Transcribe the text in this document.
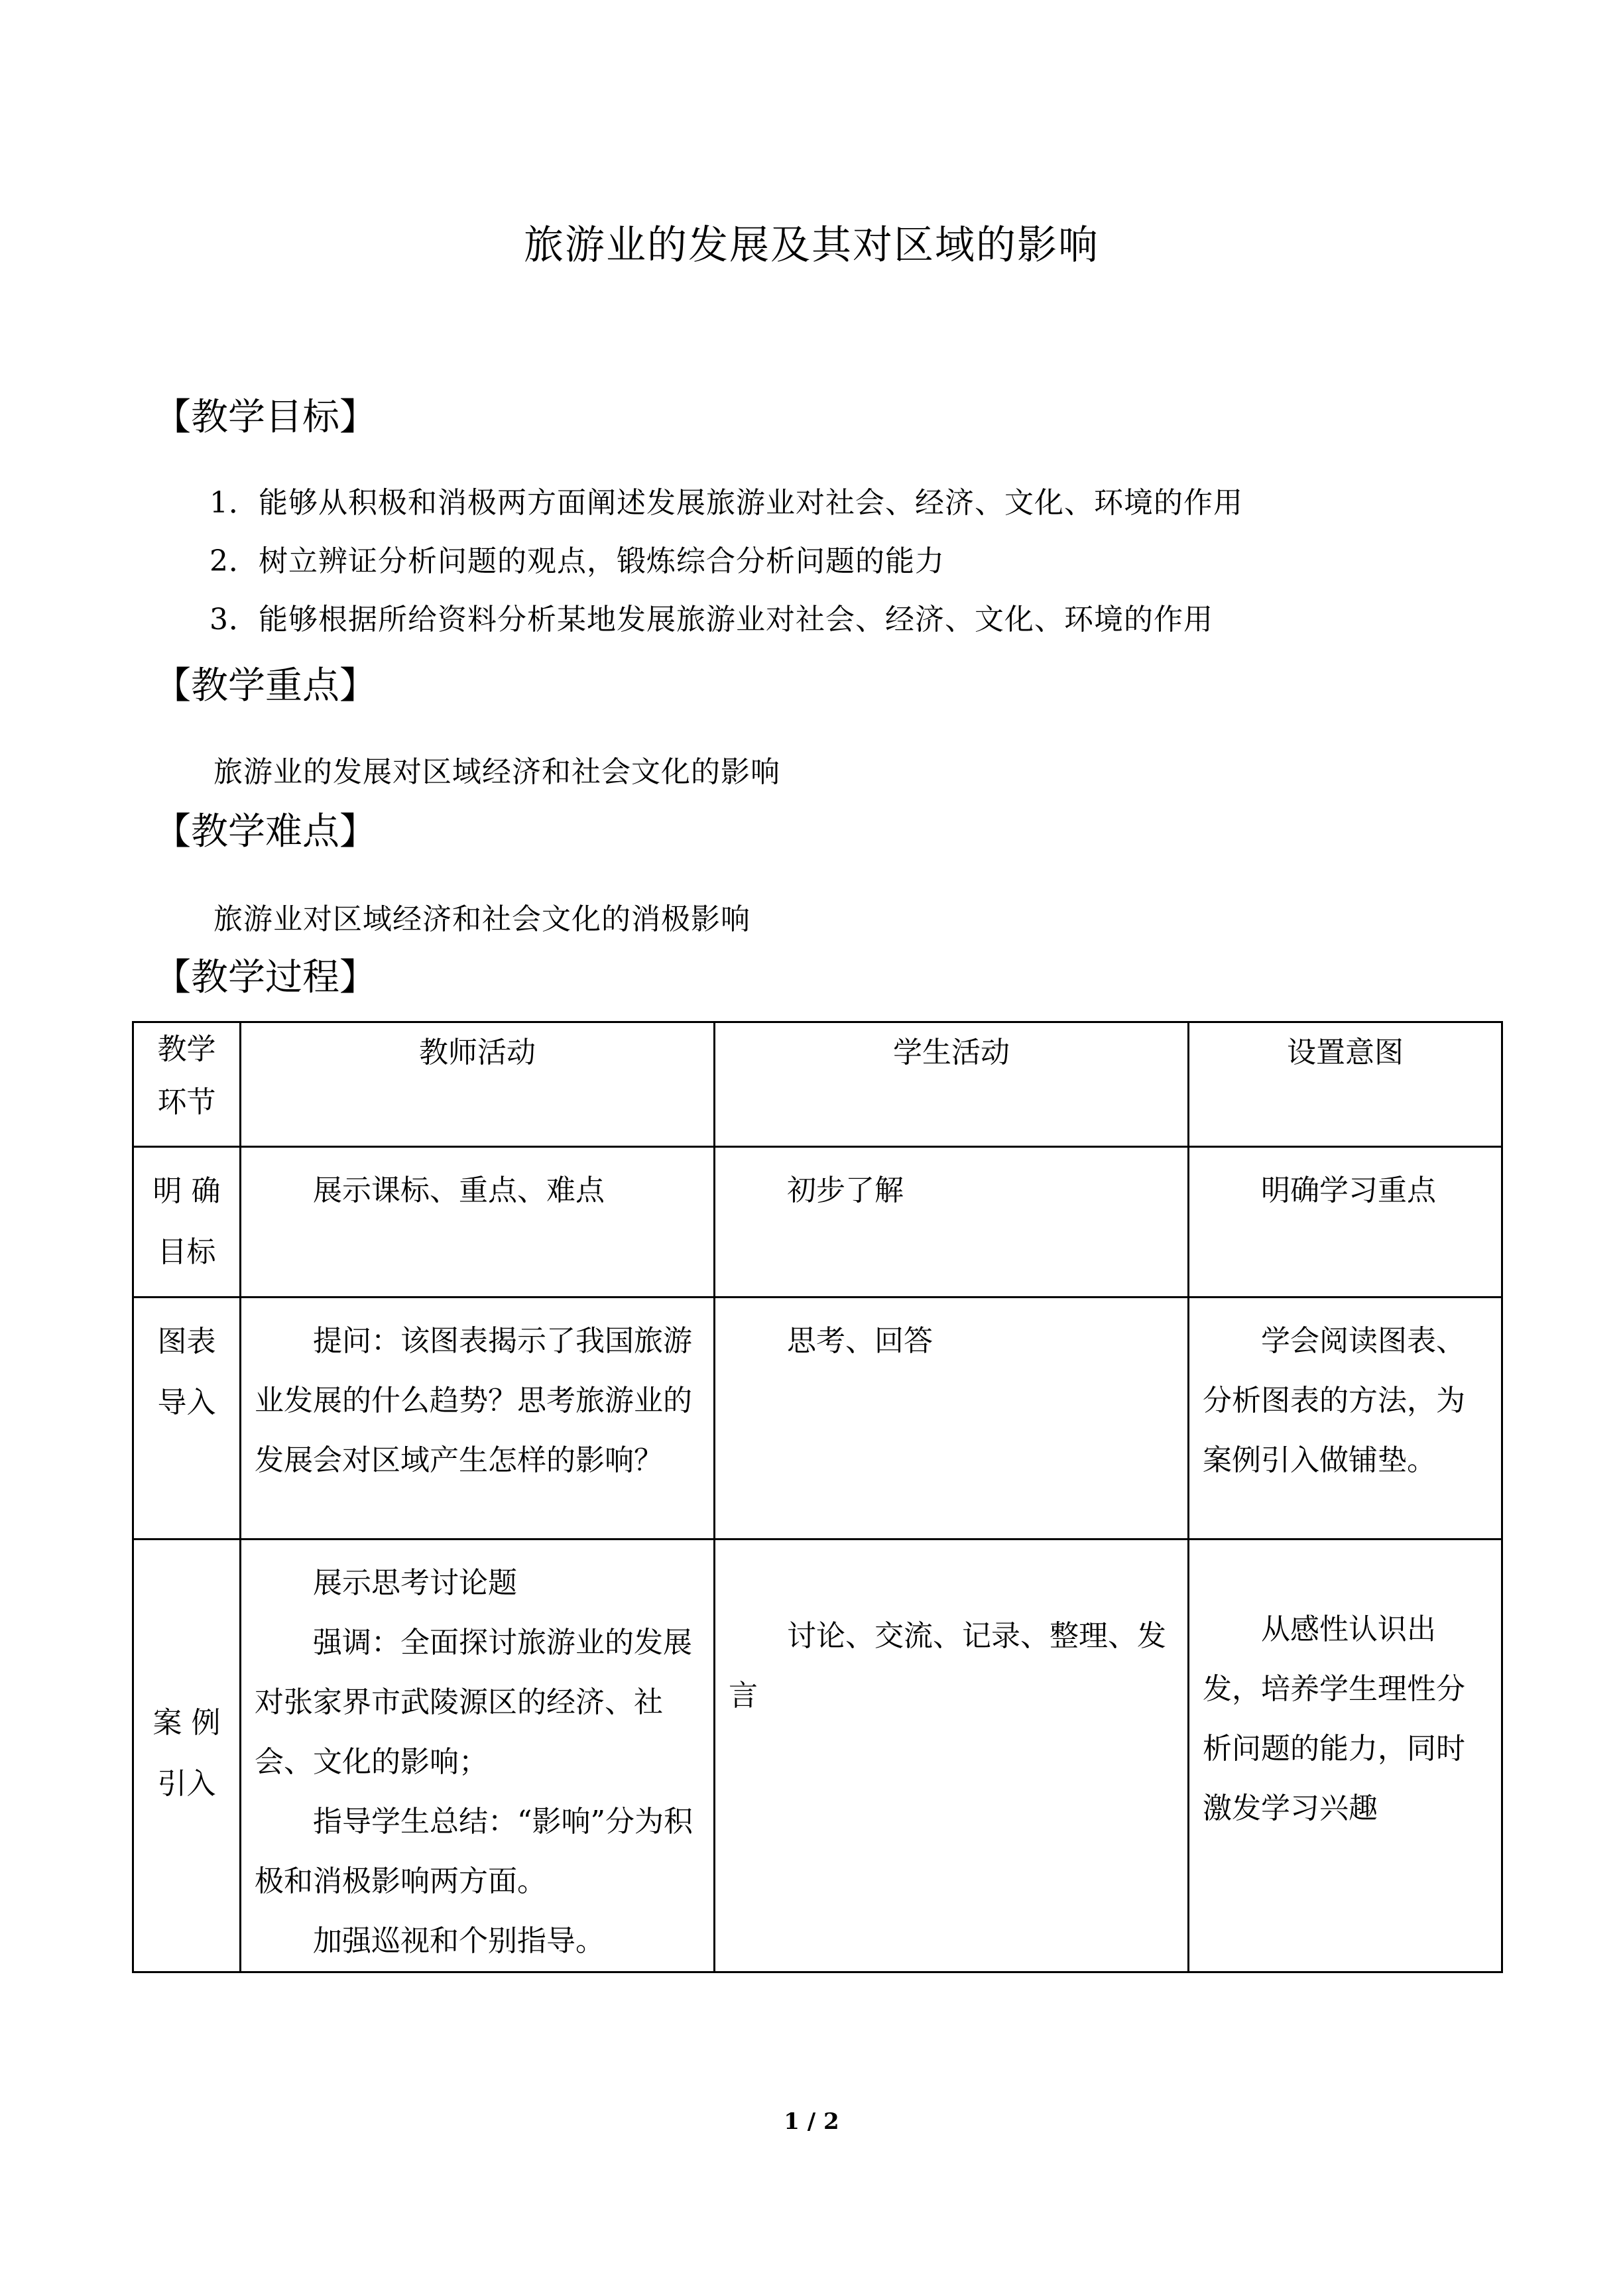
旅游业的发展及其对区域的影响
【教学目标】
1．能够从积极和消极两方面阐述发展旅游业对社会、经济、文化、环境的作用
2．树立辨证分析问题的观点，锻炼综合分析问题的能力
3．能够根据所给资料分析某地发展旅游业对社会、经济、文化、环境的作用
【教学重点】
旅游业的发展对区域经济和社会文化的影响
【教学难点】
旅游业对区域经济和社会文化的消极影响
【教学过程】
教学
环节	教师活动	学生活动	设置意图

明 确
目标	展示课标、重点、难点	初步了解	明确学习重点

图表
导入	提问：该图表揭示了我国旅游业发展的什么趋势？思考旅游业的发展会对区域产生怎样的影响？	思考、回答	学会阅读图表、分析图表的方法，为案例引入做铺垫。

案 例
引入	展示思考讨论题
强调：全面探讨旅游业的发展对张家界市武陵源区的经济、社会、文化的影响；
指导学生总结：“影响”分为积极和消极影响两方面。
加强巡视和个别指导。	讨论、交流、记录、整理、发言	从感性认识出发，培养学生理性分析问题的能力，同时激发学习兴趣
1 / 2
